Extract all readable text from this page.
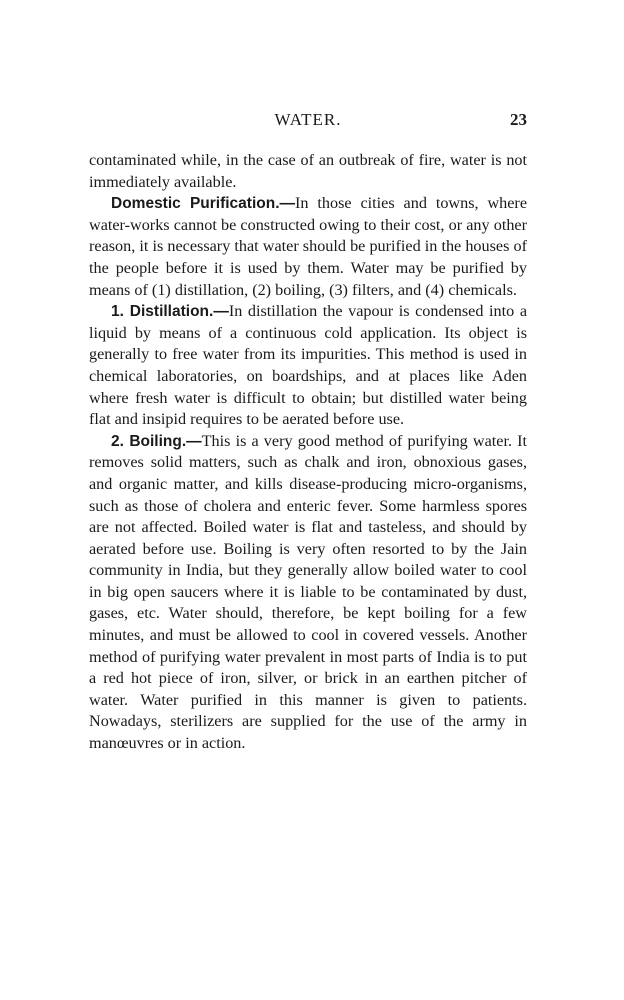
WATER.	23

contaminated while, in the case of an outbreak of fire, water is not immediately available.

Domestic Purification.—In those cities and towns, where water-works cannot be constructed owing to their cost, or any other reason, it is necessary that water should be purified in the houses of the people before it is used by them. Water may be purified by means of (1) distillation, (2) boiling, (3) filters, and (4) chemicals.

1. Distillation.—In distillation the vapour is condensed into a liquid by means of a continuous cold application. Its object is generally to free water from its impurities. This method is used in chemical laboratories, on boardships, and at places like Aden where fresh water is difficult to obtain; but distilled water being flat and insipid requires to be aerated before use.

2. Boiling.—This is a very good method of purifying water. It removes solid matters, such as chalk and iron, obnoxious gases, and organic matter, and kills disease-producing micro-organisms, such as those of cholera and enteric fever. Some harmless spores are not affected. Boiled water is flat and tasteless, and should by aerated before use. Boiling is very often resorted to by the Jain community in India, but they generally allow boiled water to cool in big open saucers where it is liable to be contaminated by dust, gases, etc. Water should, therefore, be kept boiling for a few minutes, and must be allowed to cool in covered vessels. Another method of purifying water prevalent in most parts of India is to put a red hot piece of iron, silver, or brick in an earthen pitcher of water. Water purified in this manner is given to patients. Nowadays, sterilizers are supplied for the use of the army in manœuvres or in action.
